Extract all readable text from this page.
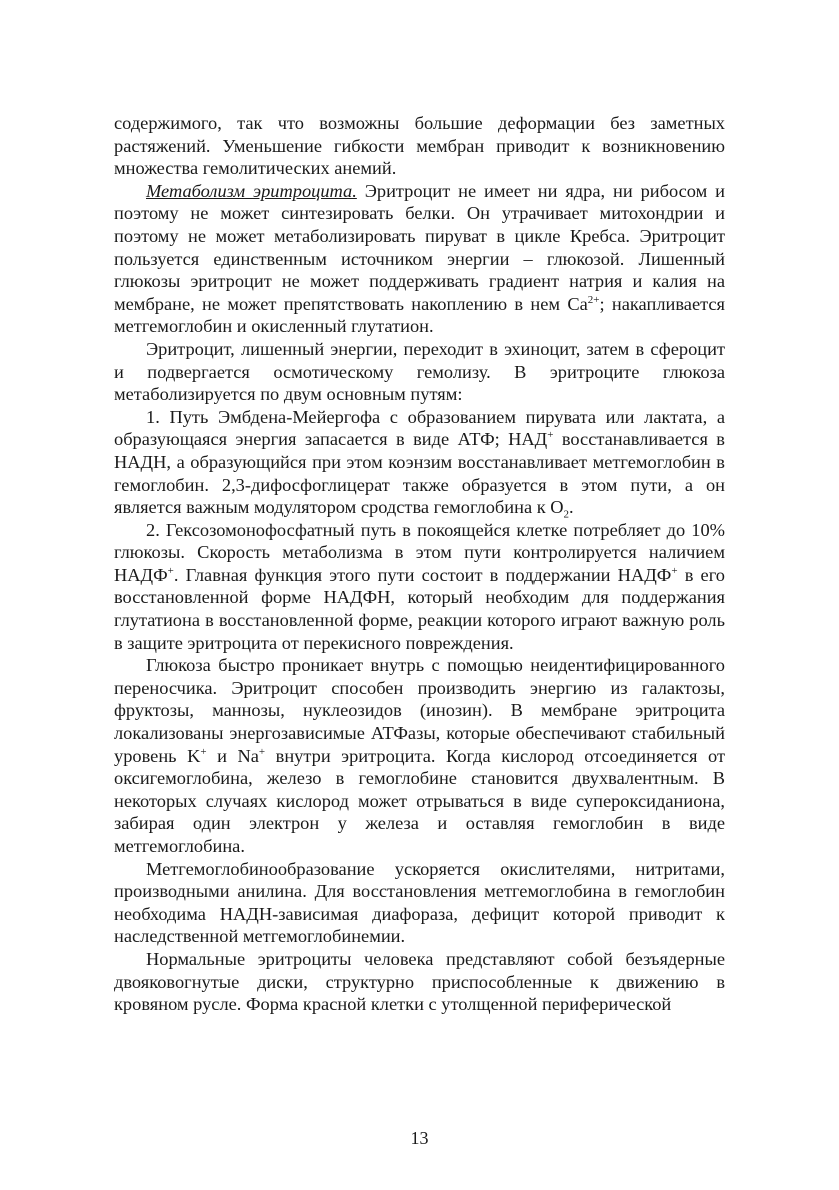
содержимого, так что возможны большие деформации без заметных растяжений. Уменьшение гибкости мембран приводит к возникновению множества гемолитических анемий.

Метаболизм эритроцита. Эритроцит не имеет ни ядра, ни рибосом и поэтому не может синтезировать белки. Он утрачивает митохондрии и поэтому не может метаболизировать пируват в цикле Кребса. Эритроцит пользуется единственным источником энергии – глюкозой. Лишенный глюкозы эритроцит не может поддерживать градиент натрия и калия на мембране, не может препятствовать накоплению в нем $Ca^{2+}$; накапливается метгемоглобин и окисленный глутатион.

Эритроцит, лишенный энергии, переходит в эхиноцит, затем в сфероцит и подвергается осмотическому гемолизу. В эритроците глюкоза метаболизируется по двум основным путям:

1. Путь Эмбдена-Мейергофа с образованием пирувата или лактата, а образующаяся энергия запасается в виде АТФ; НАД+ восстанавливается в НАДН, а образующийся при этом коэнзим восстанавливает метгемоглобин в гемоглобин. 2,3-дифосфоглицерат также образуется в этом пути, а он является важным модулятором сродства гемоглобина к $O_2$.

2. Гексозомонофосфатный путь в покоящейся клетке потребляет до 10% глюкозы. Скорость метаболизма в этом пути контролируется наличием НАДФ+. Главная функция этого пути состоит в поддержании НАДФ+ в его восстановленной форме НАДФН, который необходим для поддержания глутатиона в восстановленной форме, реакции которого играют важную роль в защите эритроцита от перекисного повреждения.

Глюкоза быстро проникает внутрь с помощью неидентифицированного переносчика. Эритроцит способен производить энергию из галактозы, фруктозы, маннозы, нуклеозидов (инозин). В мембране эритроцита локализованы энергозависимые АТФазы, которые обеспечивают стабильный уровень K+ и Na+ внутри эритроцита. Когда кислород отсоединяется от оксигемоглобина, железо в гемоглобине становится двухвалентным. В некоторых случаях кислород может отрываться в виде супероксиданиона, забирая один электрон у железа и оставляя гемоглобин в виде метгемоглобина.

Метгемоглобинообразование ускоряется окислителями, нитритами, производными анилина. Для восстановления метгемоглобина в гемоглобин необходима НАДН-зависимая диафораза, дефицит которой приводит к наследственной метгемоглобинемии.

Нормальные эритроциты человека представляют собой безъядерные двояковогнутые диски, структурно приспособленные к движению в кровяном русле. Форма красной клетки с утолщенной периферической

13
